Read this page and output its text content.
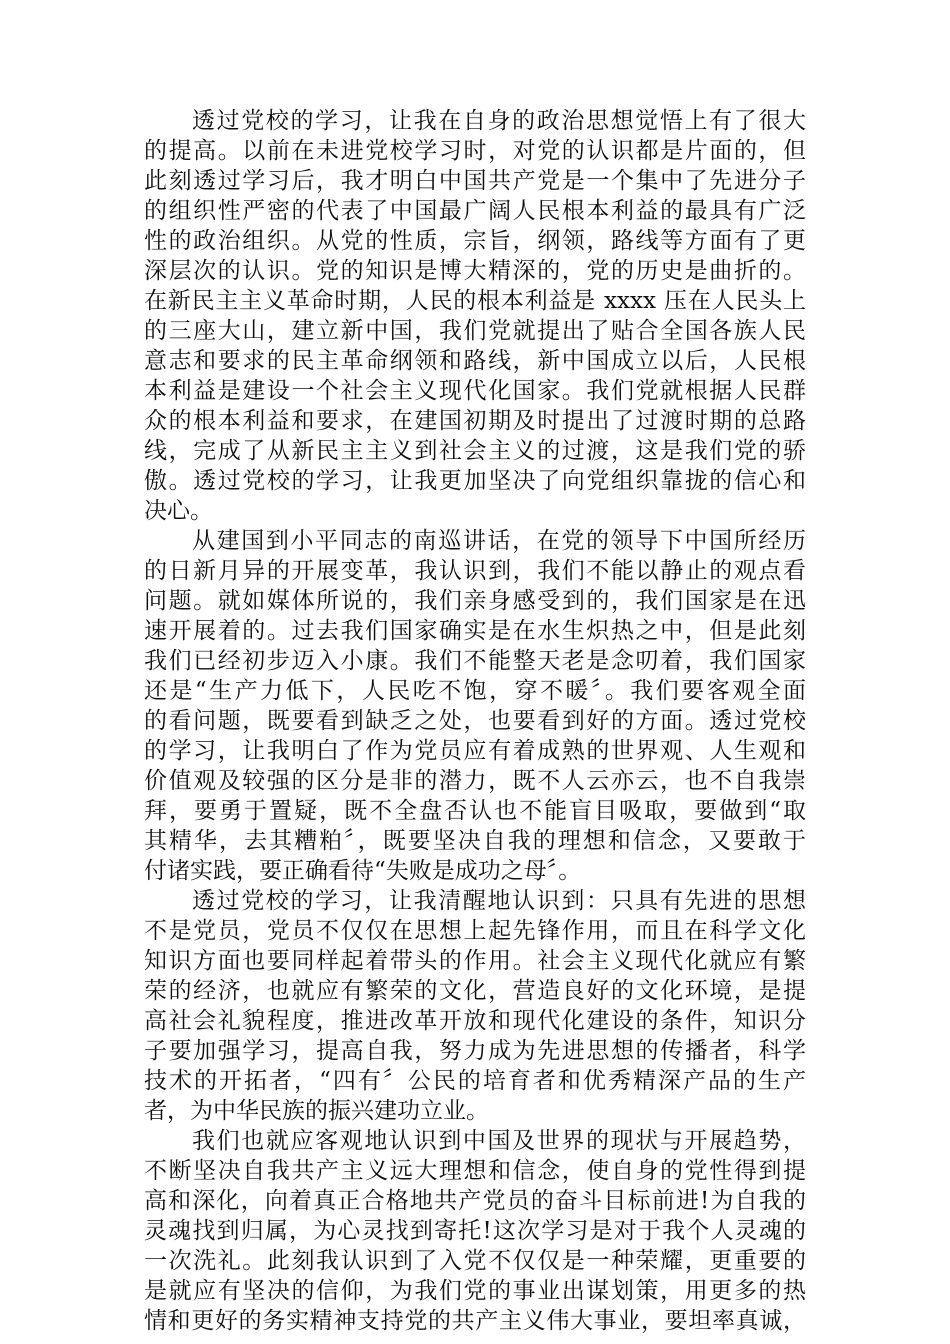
透过党校的学习，让我在自身的政治思想觉悟上有了很大
的提高。以前在未进党校学习时，对党的认识都是片面的，但
此刻透过学习后，我才明白中国共产党是一个集中了先进分子
的组织性严密的代表了中国最广阔人民根本利益的最具有广泛
性的政治组织。从党的性质，宗旨，纲领，路线等方面有了更
深层次的认识。党的知识是博大精深的，党的历史是曲折的。
在新民主主义革命时期，人民的根本利益是 xxxx 压在人民头上
的三座大山，建立新中国，我们党就提出了贴合全国各族人民
意志和要求的民主革命纲领和路线，新中国成立以后，人民根
本利益是建设一个社会主义现代化国家。我们党就根据人民群
众的根本利益和要求，在建国初期及时提出了过渡时期的总路
线，完成了从新民主主义到社会主义的过渡，这是我们党的骄
傲。透过党校的学习，让我更加坚决了向党组织靠拢的信心和
决心。
从建国到小平同志的南巡讲话，在党的领导下中国所经历
的日新月异的开展变革，我认识到，我们不能以静止的观点看
问题。就如媒体所说的，我们亲身感受到的，我们国家是在迅
速开展着的。过去我们国家确实是在水生炽热之中，但是此刻
我们已经初步迈入小康。我们不能整天老是念叨着，我们国家
还是“生产力低下，人民吃不饱，穿不暖〞。我们要客观全面
的看问题，既要看到缺乏之处，也要看到好的方面。透过党校
的学习，让我明白了作为党员应有着成熟的世界观、人生观和
价值观及较强的区分是非的潜力，既不人云亦云，也不自我崇
拜，要勇于置疑，既不全盘否认也不能盲目吸取，要做到“取
其精华，去其糟粕〞，既要坚决自我的理想和信念，又要敢于
付诸实践，要正确看待“失败是成功之母〞。
透过党校的学习，让我清醒地认识到：只具有先进的思想
不是党员，党员不仅仅在思想上起先锋作用，而且在科学文化
知识方面也要同样起着带头的作用。社会主义现代化就应有繁
荣的经济，也就应有繁荣的文化，营造良好的文化环境，是提
高社会礼貌程度，推进改革开放和现代化建设的条件，知识分
子要加强学习，提高自我，努力成为先进思想的传播者，科学
技术的开拓者，“四有〞公民的培育者和优秀精深产品的生产
者，为中华民族的振兴建功立业。
我们也就应客观地认识到中国及世界的现状与开展趋势，
不断坚决自我共产主义远大理想和信念，使自身的党性得到提
高和深化，向着真正合格地共产党员的奋斗目标前进!为自我的
灵魂找到归属，为心灵找到寄托!这次学习是对于我个人灵魂的
一次洗礼。此刻我认识到了入党不仅仅是一种荣耀，更重要的
是就应有坚决的信仰，为我们党的事业出谋划策，用更多的热
情和更好的务实精神支持党的共产主义伟大事业，要坦率真诚，
